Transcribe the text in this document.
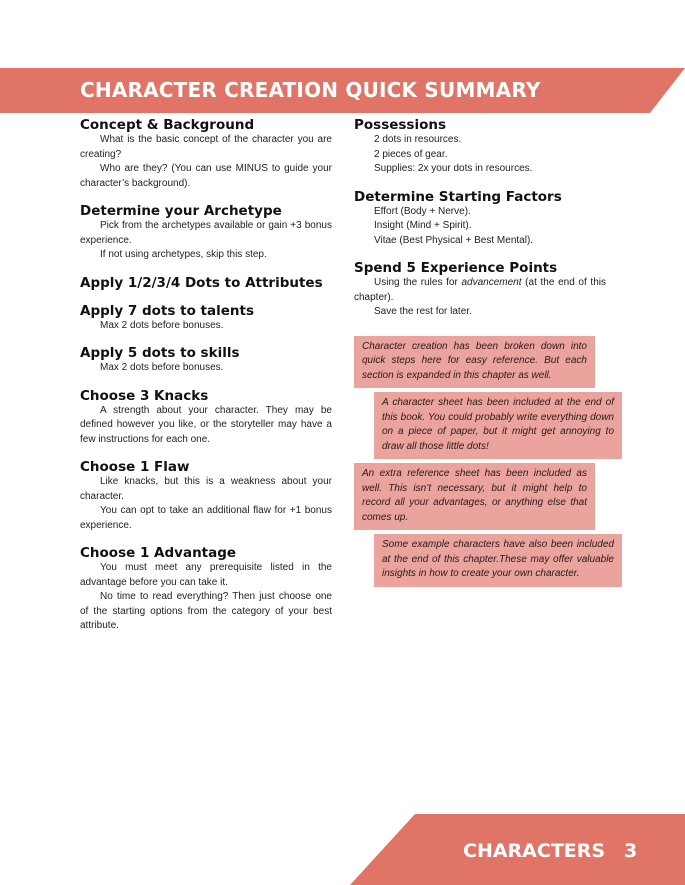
CHARACTER CREATION QUICK SUMMARY
Concept & Background

What is the basic concept of the character you are creating?

Who are they? (You can use MINUS to guide your character’s background).

Determine your Archetype

Pick from the archetypes available or gain +3 bonus experience.

If not using archetypes, skip this step.

Apply 1/2/3/4 Dots to Attributes
Apply 7 dots to talents

Max 2 dots before bonuses.

Apply 5 dots to skills

Max 2 dots before bonuses.

Choose 3 Knacks

A strength about your character. They may be defined however you like, or the storyteller may have a few instructions for each one.

Choose 1 Flaw

Like knacks, but this is a weakness about your character.

You can opt to take an additional flaw for +1 bonus experience.

Choose 1 Advantage

You must meet any prerequisite listed in the advantage before you can take it.

No time to read everything? Then just choose one of the starting options from the category of your best attribute.

Possessions

2 dots in resources.

2 pieces of gear.

Supplies: 2x your dots in resources.

Determine Starting Factors

Effort (Body + Nerve).

Insight (Mind + Spirit).

Vitae (Best Physical + Best Mental).

Spend 5 Experience Points

Using the rules for advancement (at the end of this chapter).

Save the rest for later.

Character creation has been broken down into quick steps here for easy reference. But each section is expanded in this chapter as well.
A character sheet has been included at the end of this book. You could probably write everything down on a piece of paper, but it might get annoying to draw all those little dots!
An extra reference sheet has been included as well. This isn’t necessary, but it might help to record all your advantages, or anything else that comes up.
Some example characters have also been included at the end of this chapter.These may offer valuable insights in how to create your own character.
CHARACTERS 3
